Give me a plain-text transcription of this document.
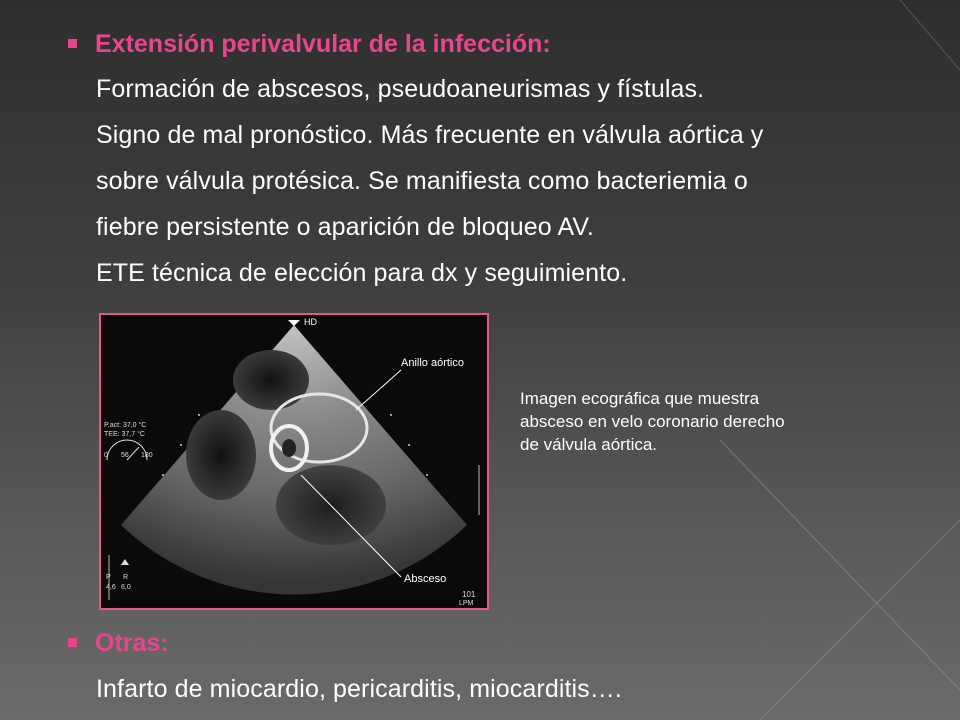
Extensión perivalvular de la infección:
Formación de abscesos, pseudoaneurismas y fístulas.
Signo de mal pronóstico. Más frecuente en válvula aórtica y
sobre válvula protésica. Se manifiesta como bacteriemia o
fiebre persistente o aparición de bloqueo AV.
ETE técnica de elección para dx y seguimiento.
HD
Anillo aórtico
Absceso
P.act: 37,0 °C
TEE: 37,7 °C
0 56 180
P R
4,6 6,0
101
LPM
Imagen ecográfica que muestra
absceso en velo coronario derecho
de válvula aórtica.
Otras:
Infarto de miocardio, pericarditis, miocarditis….
